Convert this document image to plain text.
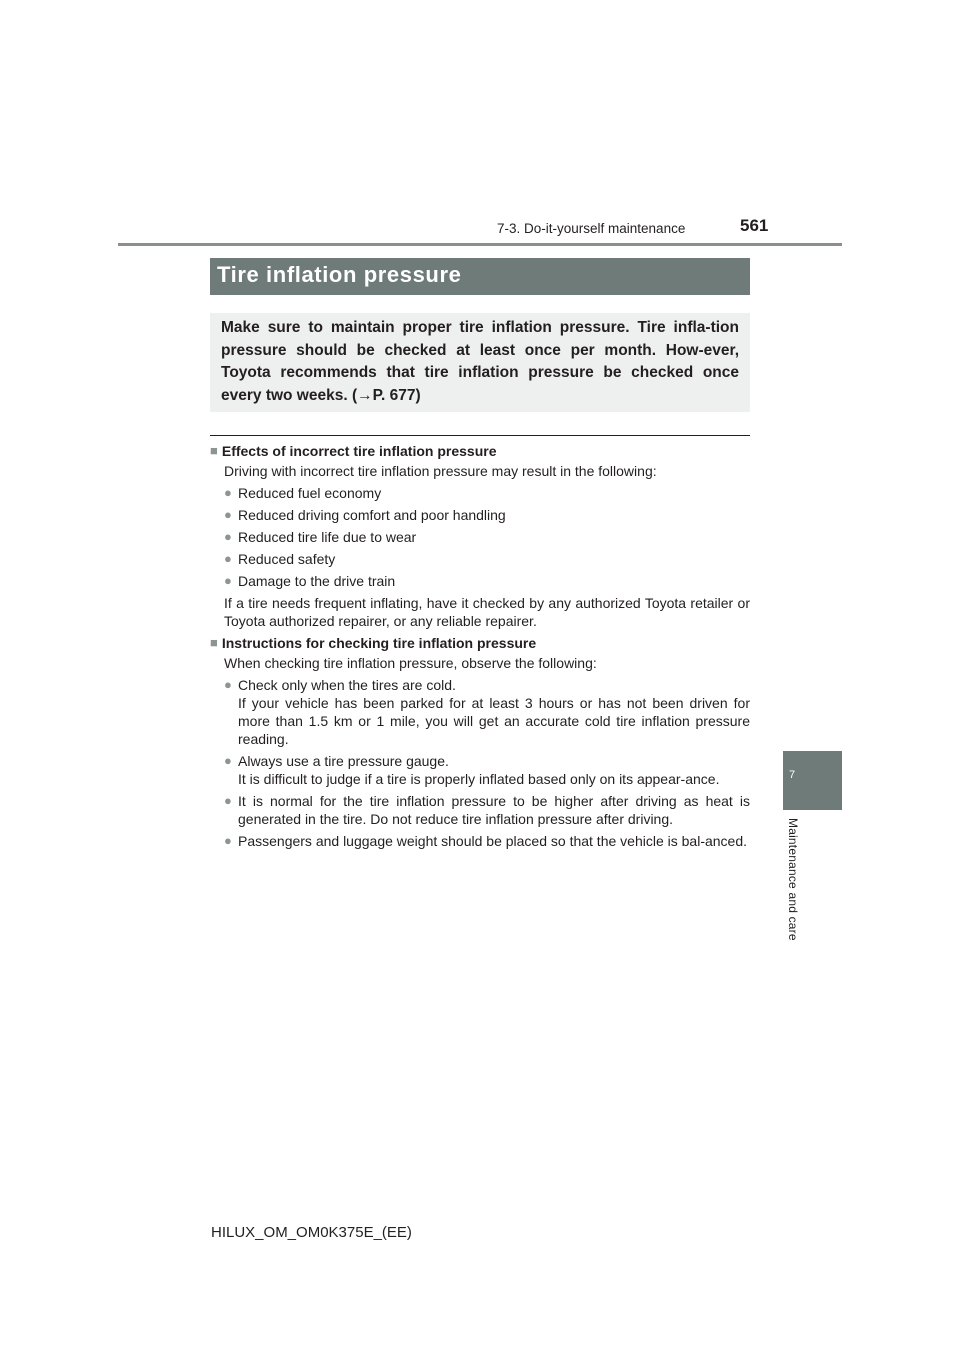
7-3. Do-it-yourself maintenance	561
7
Maintenance and care
Tire inflation pressure

Make sure to maintain proper tire inflation pressure. Tire infla-tion pressure should be checked at least once per month. How-ever, Toyota recommends that tire inflation pressure be checked once every two weeks. (→P. 677)

■ Effects of incorrect tire inflation pressure

Driving with incorrect tire inflation pressure may result in the following:

● Reduced fuel economy
● Reduced driving comfort and poor handling
● Reduced tire life due to wear
● Reduced safety
● Damage to the drive train

If a tire needs frequent inflating, have it checked by any authorized Toyota retailer or Toyota authorized repairer, or any reliable repairer.

■ Instructions for checking tire inflation pressure

When checking tire inflation pressure, observe the following:

● Check only when the tires are cold.
If your vehicle has been parked for at least 3 hours or has not been driven for more than 1.5 km or 1 mile, you will get an accurate cold tire inflation pressure reading.
● Always use a tire pressure gauge.
It is difficult to judge if a tire is properly inflated based only on its appear-ance.
● It is normal for the tire inflation pressure to be higher after driving as heat is generated in the tire. Do not reduce tire inflation pressure after driving.
● Passengers and luggage weight should be placed so that the vehicle is bal-anced.
HILUX_OM_OM0K375E_(EE)
